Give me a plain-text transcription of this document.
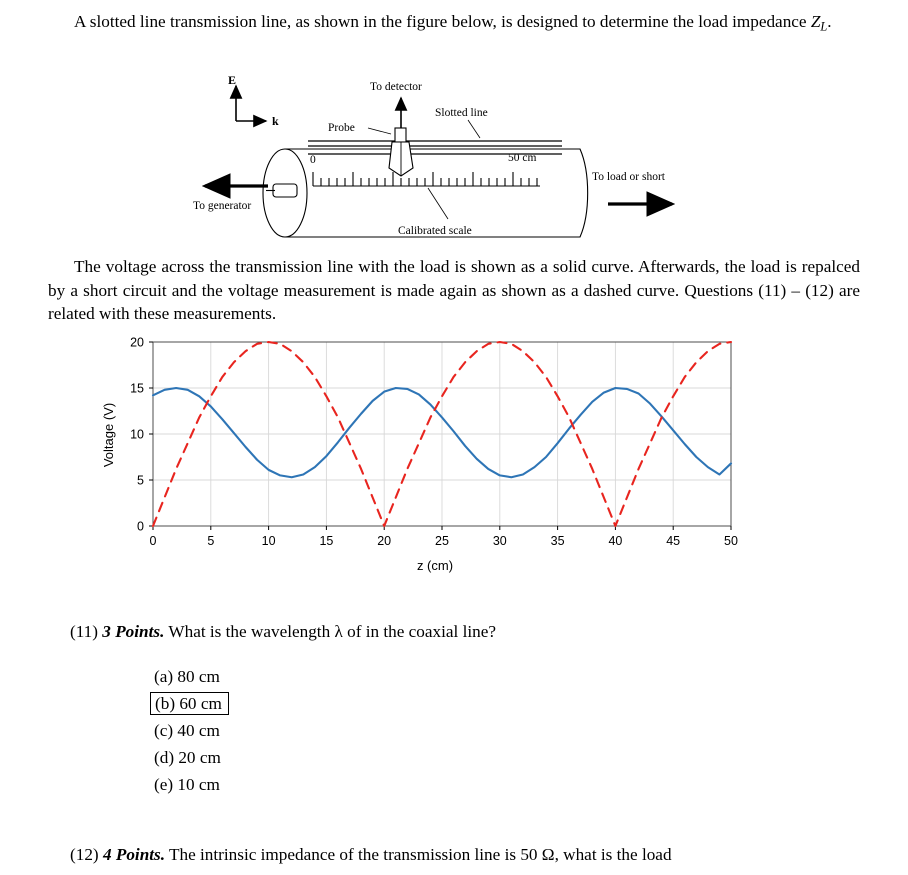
A slotted line transmission line, as shown in the figure below, is designed to determine the load impedance $Z_L$.

To detector
Slotted line
Probe
0	50 cm
Calibrated scale
E
k
To generator
To load or short

The voltage across the transmission line with the load is shown as a solid curve. Afterwards, the load is repalced by a short circuit and the voltage measurement is made again as shown as a dashed curve. Questions (11) – (12) are related with these measurements.

0	5	10	15	20	25	30	35	40	45	50
0
5
10
15
20
z (cm)
Voltage (V)
(11) 3 Points. What is the wavelength λ of in the coaxial line?
(a) 80 cm
(b) 60 cm
(c) 40 cm
(d) 20 cm
(e) 10 cm
(12) 4 Points. The intrinsic impedance of the transmission line is 50 Ω, what is the load
